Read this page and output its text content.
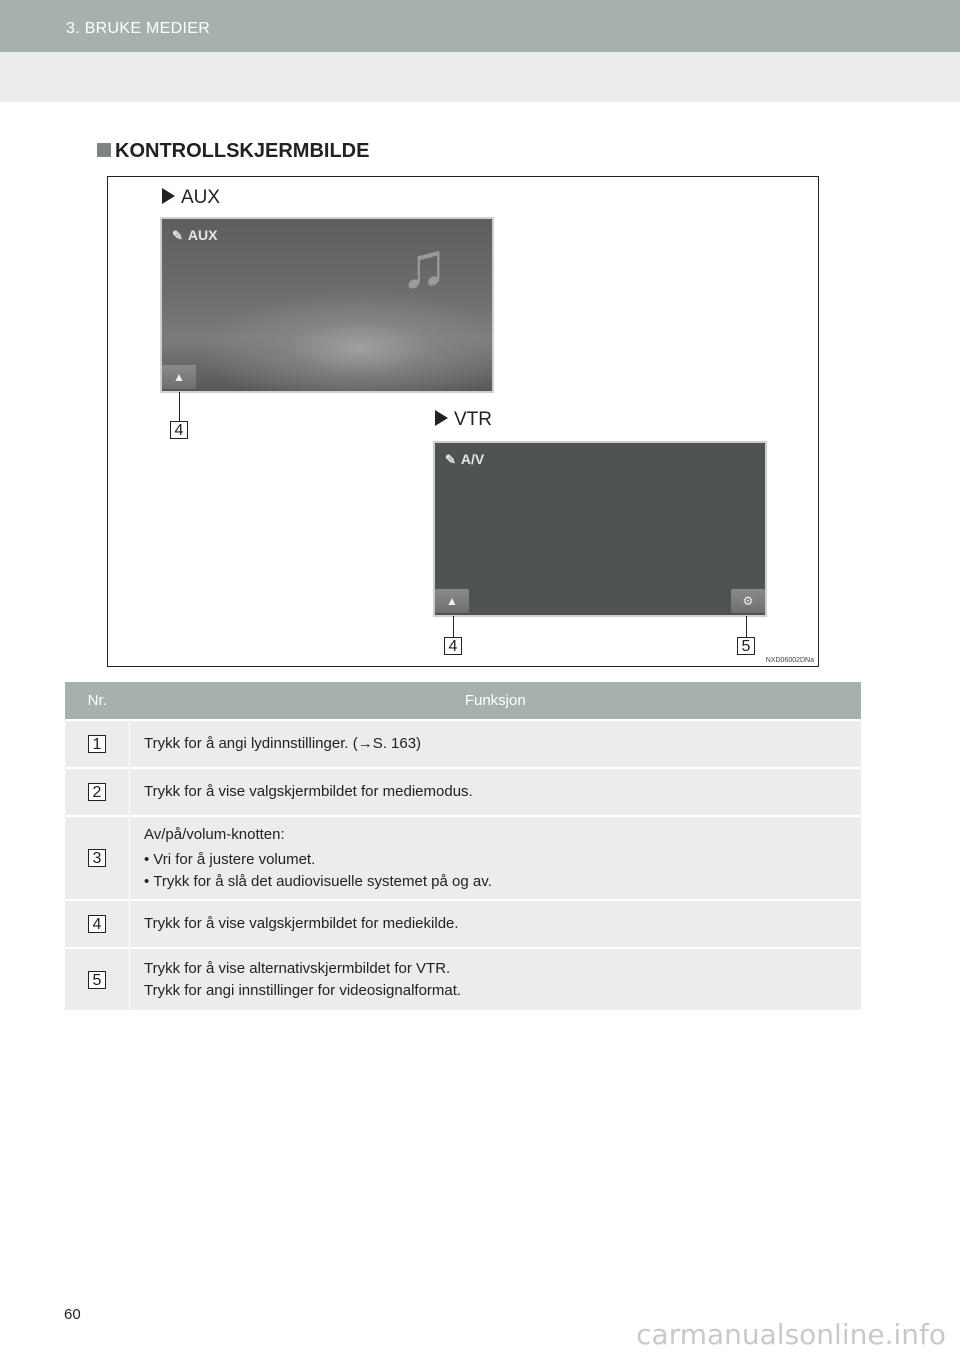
3. BRUKE MEDIER
KONTROLLSKJERMBILDE
AUX
✎ AUX	♫
▲
4
VTR
✎ A/V
▲	⚙
4	5
NXD06002DNa
Nr.	Funksjon
1	Trykk for å angi lydinnstillinger. (→S. 163)

2	Trykk for å vise valgskjermbildet for mediemodus.

3	Av/på/volum-knotten:
• Vri for å justere volumet.
• Trykk for å slå det audiovisuelle systemet på og av.

4	Trykk for å vise valgskjermbildet for mediekilde.

5	Trykk for å vise alternativskjermbildet for VTR.
Trykk for angi innstillinger for videosignalformat.
60
carmanualsonline.info
